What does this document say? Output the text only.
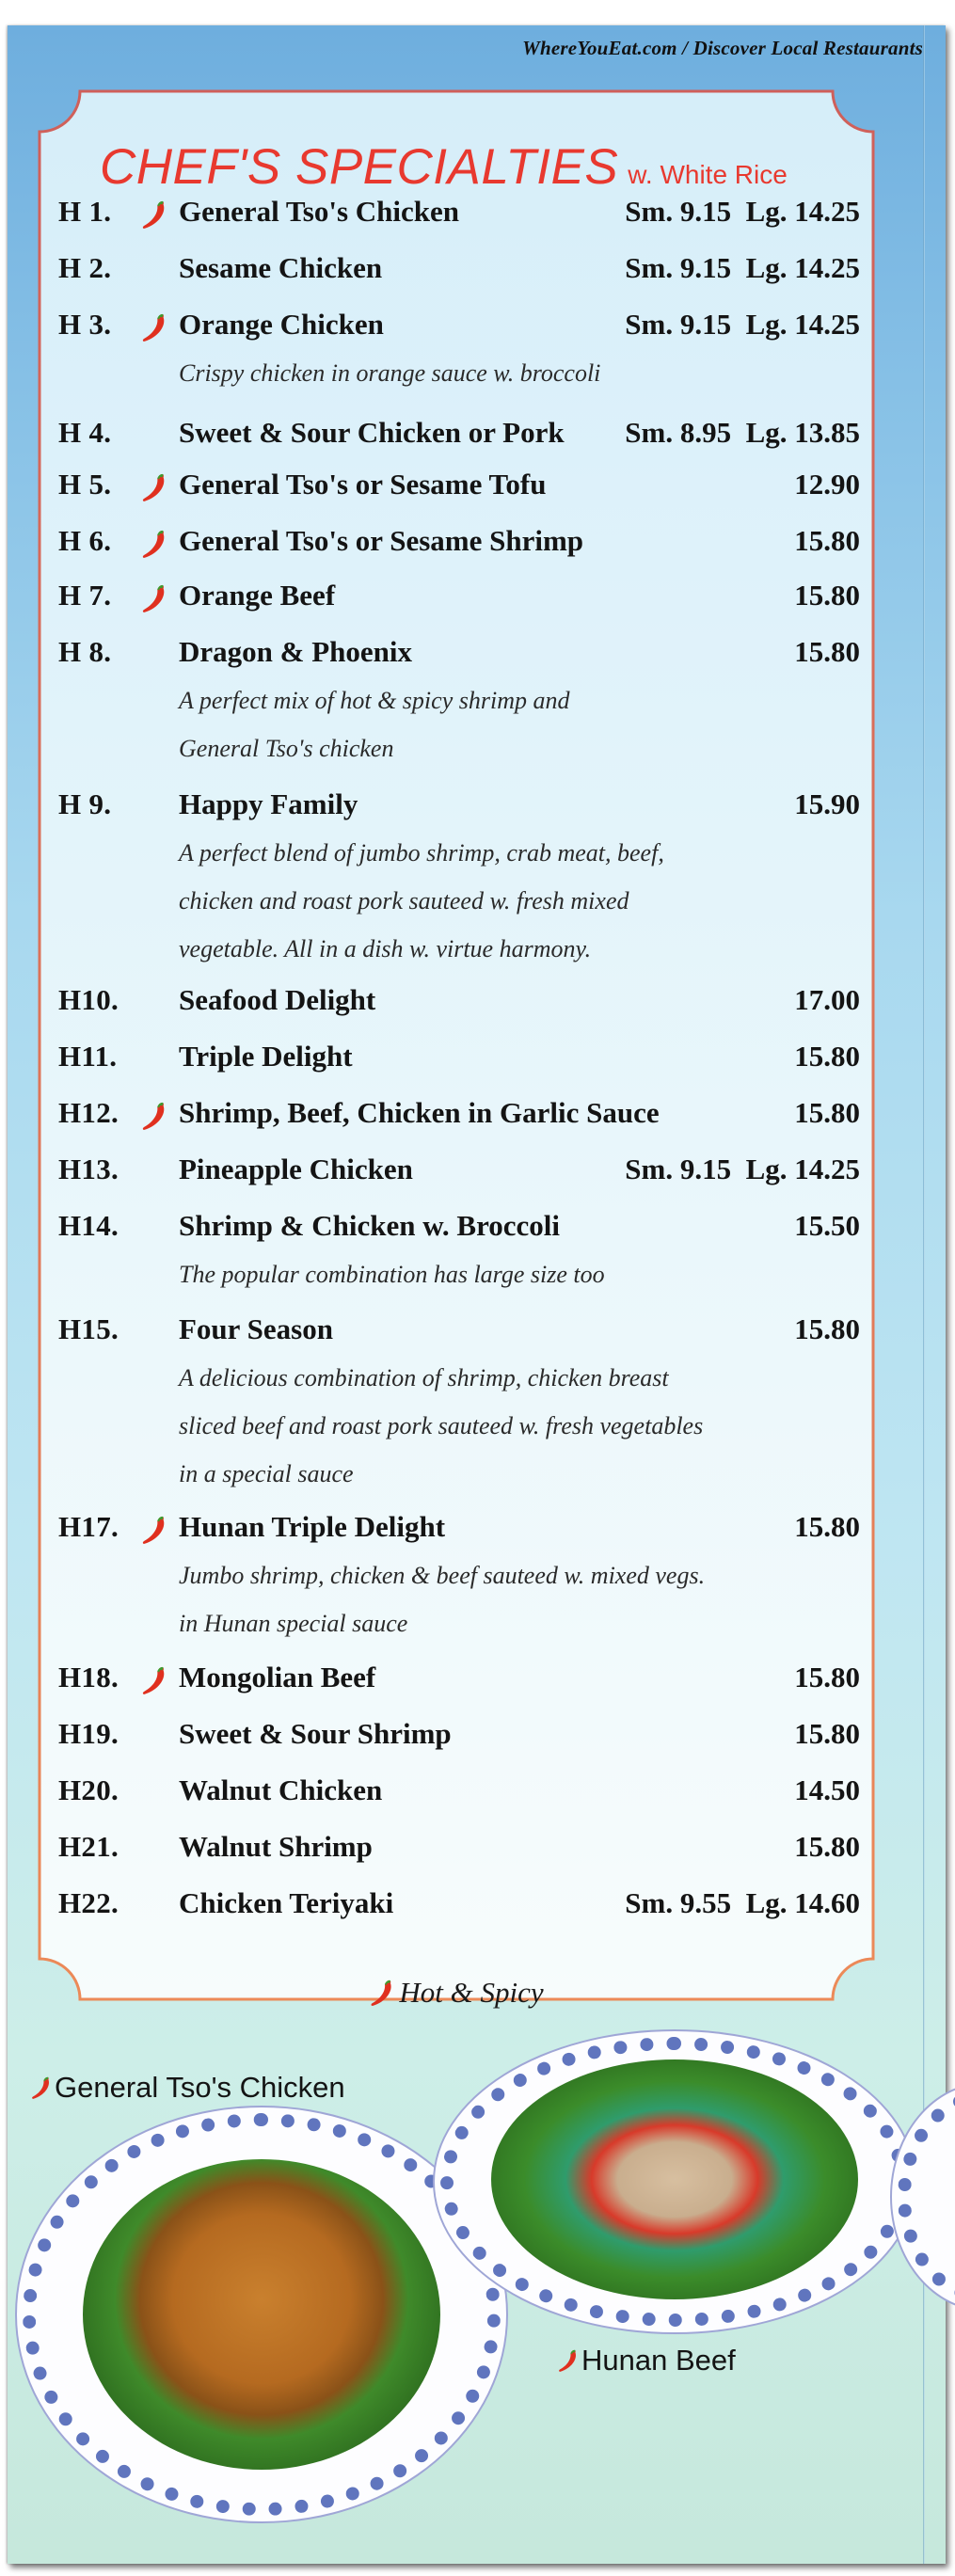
WhereYouEat.com / Discover Local Restaurants
CHEF'S SPECIALTIES w. White Rice
H 1. General Tso's Chicken	Sm. 9.15  Lg. 14.25
H 2. Sesame Chicken	Sm. 9.15  Lg. 14.25
H 3. Orange Chicken	Sm. 9.15  Lg. 14.25
Crispy chicken in orange sauce w. broccoli
H 4. Sweet & Sour Chicken or Pork Sm. 8.95  Lg. 13.85
H 5. General Tso's or Sesame Tofu	12.90
H 6. General Tso's or Sesame Shrimp	15.80
H 7. Orange Beef	15.80
H 8. Dragon & Phoenix	15.80
A perfect mix of hot & spicy shrimp and
General Tso's chicken
H 9. Happy Family	15.90
A perfect blend of jumbo shrimp, crab meat, beef,
chicken and roast pork sauteed w. fresh mixed
vegetable. All in a dish w. virtue harmony.
H10. Seafood Delight	17.00
H11. Triple Delight	15.80
H12. Shrimp, Beef, Chicken in Garlic Sauce	15.80
H13. Pineapple Chicken	Sm. 9.15  Lg. 14.25
H14. Shrimp & Chicken w. Broccoli	15.50
The popular combination has large size too
H15. Four Season	15.80
A delicious combination of shrimp, chicken breast
sliced beef and roast pork sauteed w. fresh vegetables
in a special sauce
H17. Hunan Triple Delight	15.80
Jumbo shrimp, chicken & beef sauteed w. mixed vegs.
in Hunan special sauce
H18. Mongolian Beef	15.80
H19. Sweet & Sour Shrimp	15.80
H20. Walnut Chicken	14.50
H21. Walnut Shrimp	15.80
H22. Chicken Teriyaki	Sm. 9.55  Lg. 14.60
Hot & Spicy
General Tso's Chicken
Hunan Beef
